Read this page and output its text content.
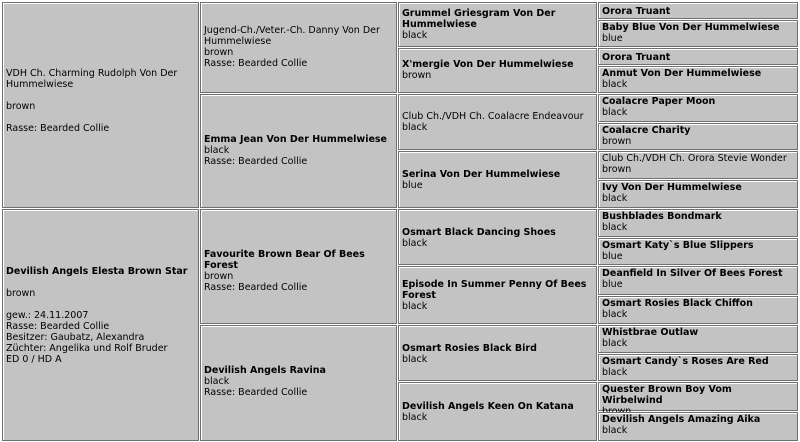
VDH Ch. Charming Rudolph Von Der Hummelwiese
brown
Rasse: Bearded Collie
Devilish Angels Elesta Brown Star
brown
gew.: 24.11.2007
Rasse: Bearded Collie
Besitzer: Gaubatz, Alexandra
Züchter: Angelika und Rolf Bruder
ED 0 / HD A
Jugend-Ch./Veter.-Ch. Danny Von Der Hummelwiese
brown
Rasse: Bearded Collie
Emma Jean Von Der Hummelwiese
black
Rasse: Bearded Collie
Favourite Brown Bear Of Bees Forest
brown
Rasse: Bearded Collie
Devilish Angels Ravina
black
Rasse: Bearded Collie
Grummel Griesgram Von Der Hummelwiese
black
X'mergie Von Der Hummelwiese
brown
Club Ch./VDH Ch. Coalacre Endeavour
black
Serina Von Der Hummelwiese
blue
Osmart Black Dancing Shoes
black
Episode In Summer Penny Of Bees Forest
black
Osmart Rosies Black Bird
black
Devilish Angels Keen On Katana
black
Orora Truant
Baby Blue Von Der Hummelwiese
blue
Orora Truant
Anmut Von Der Hummelwiese
black
Coalacre Paper Moon
black
Coalacre Charity
brown
Club Ch./VDH Ch. Orora Stevie Wonder
brown
Ivy Von Der Hummelwiese
black
Bushblades Bondmark
black
Osmart Katy`s Blue Slippers
blue
Deanfield In Silver Of Bees Forest
blue
Osmart Rosies Black Chiffon
black
Whistbrae Outlaw
black
Osmart Candy`s Roses Are Red
black
Quester Brown Boy Vom Wirbelwind
Devilish Angels Amazing Aika
black
